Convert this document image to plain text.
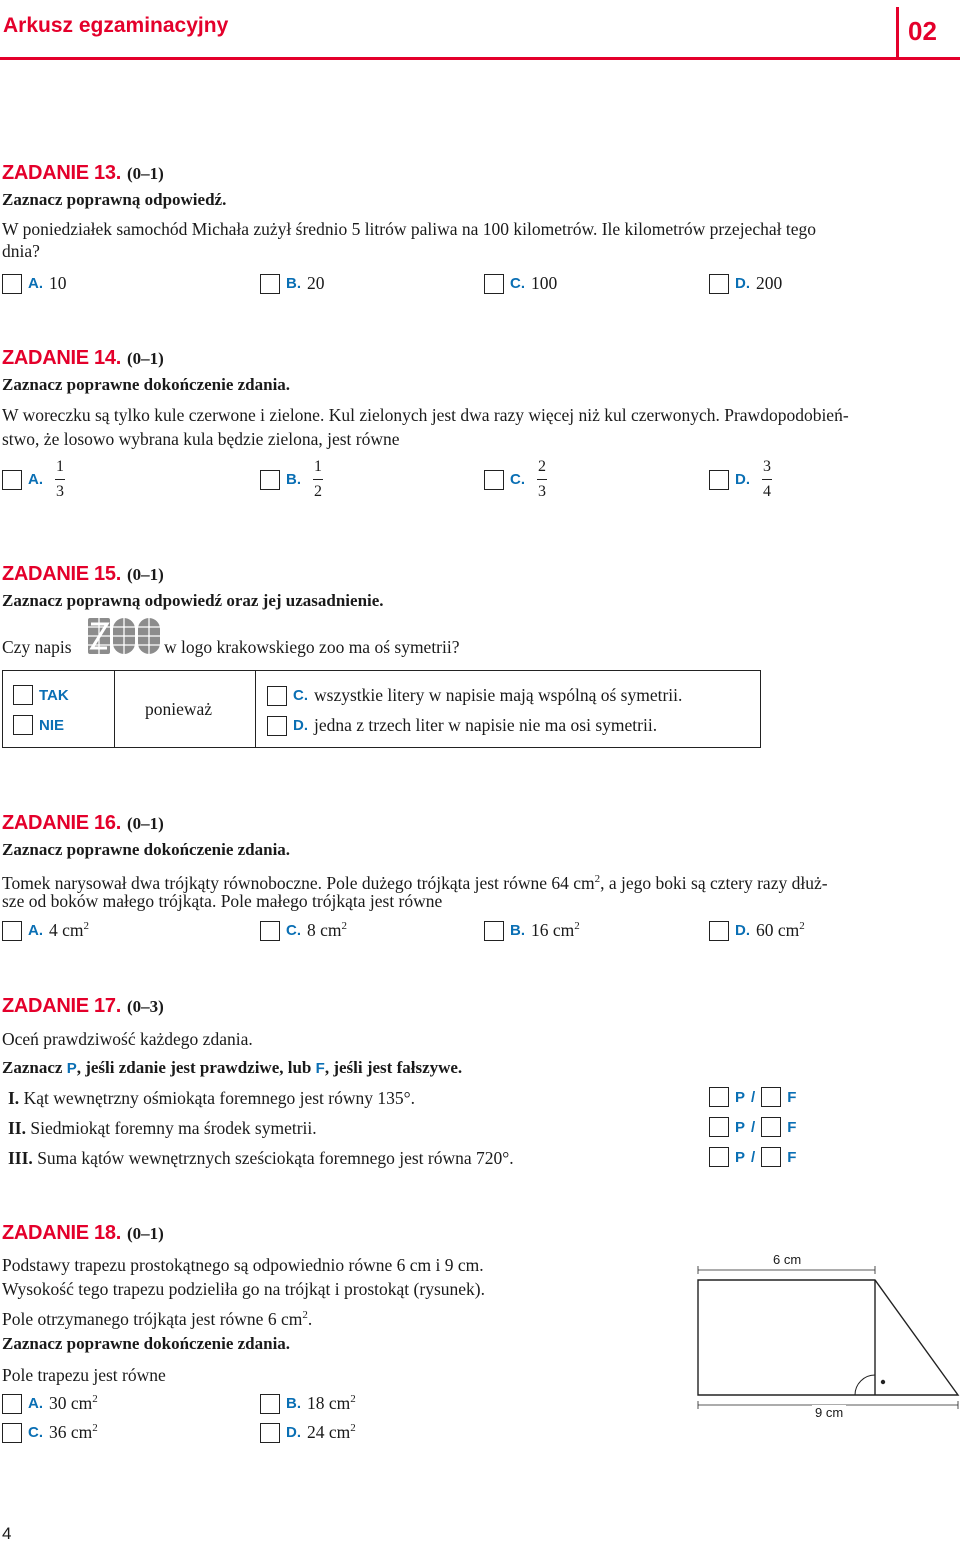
Arkusz egzaminacyjny	02
ZADANIE 13. (0–1)
Zaznacz poprawną odpowiedź.
W poniedziałek samochód Michała zużył średnio 5 litrów paliwa na 100 kilometrów. Ile kilometrów przejechał tego
dnia?
A. 10	B. 20	C. 100	D. 200
ZADANIE 14. (0–1)
Zaznacz poprawne dokończenie zdania.
W woreczku są tylko kule czerwone i zielone. Kul zielonych jest dwa razy więcej niż kul czerwonych. Prawdopodobień-
stwo, że losowo wybrana kula będzie zielona, jest równe
A. $\frac{1}{3}$	B. $\frac{1}{2}$	C. $\frac{2}{3}$	D. $\frac{3}{4}$
ZADANIE 15. (0–1)
Zaznacz poprawną odpowiedź oraz jej uzasadnienie.
Czy napis	w logo krakowskiego zoo ma oś symetrii?
TAK
NIE
ponieważ
C. wszystkie litery w napisie mają wspólną oś symetrii.
D. jedna z trzech liter w napisie nie ma osi symetrii.
ZADANIE 16. (0–1)
Zaznacz poprawne dokończenie zdania.
Tomek narysował dwa trójkąty równoboczne. Pole dużego trójkąta jest równe 64 $cm^2$, a jego boki są cztery razy dłuż-
sze od boków małego trójkąta. Pole małego trójkąta jest równe
A. 4 $cm^2$	C. 8 $cm^2$	B. 16 $cm^2$	D. 60 $cm^2$
ZADANIE 17. (0–3)
Oceń prawdziwość każdego zdania.
Zaznacz P, jeśli zdanie jest prawdziwe, lub F, jeśli jest fałszywe.
I. Kąt wewnętrzny ośmiokąta foremnego jest równy 135°.
II. Siedmiokąt foremny ma środek symetrii.
III. Suma kątów wewnętrznych sześciokąta foremnego jest równa 720°.
P / F
P / F
P / F
ZADANIE 18. (0–1)
Podstawy trapezu prostokątnego są odpowiednio równe 6 cm i 9 cm.
Wysokość tego trapezu podzieliła go na trójkąt i prostokąt (rysunek).
Pole otrzymanego trójkąta jest równe 6 $cm^2$.
Zaznacz poprawne dokończenie zdania.
Pole trapezu jest równe
A. 30 $cm^2$	B. 18 $cm^2$
C. 36 $cm^2$	D. 24 $cm^2$
6 cm
9 cm
4
